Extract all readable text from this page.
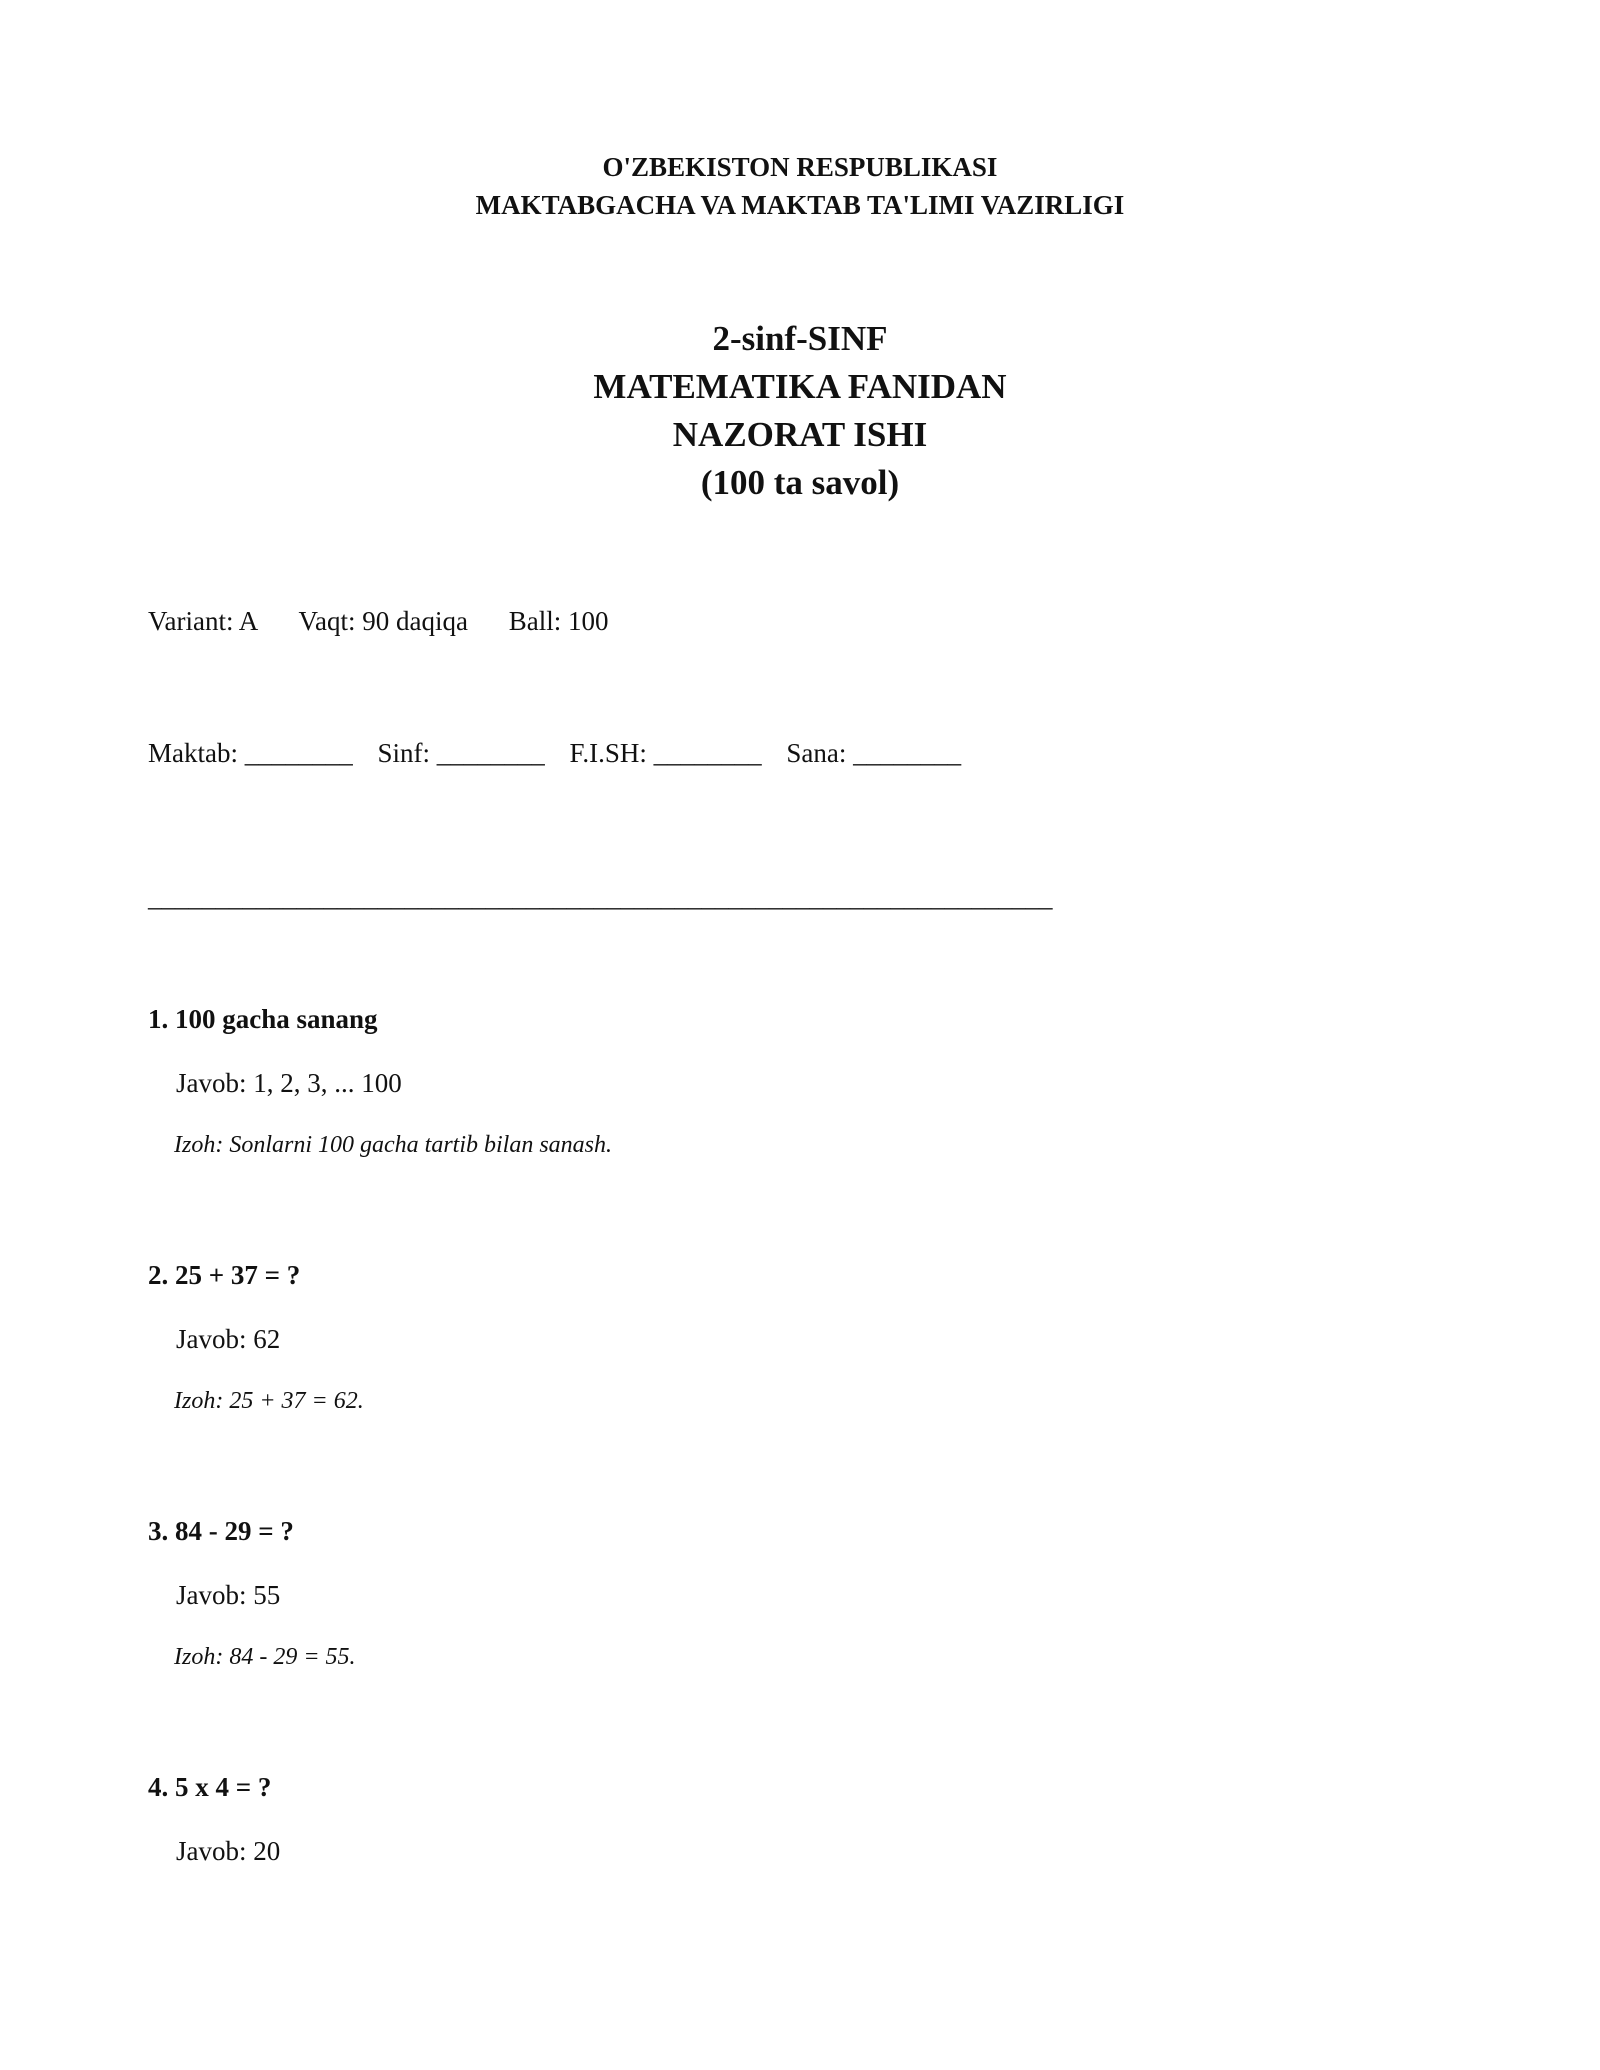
O'ZBEKISTON RESPUBLIKASI
MAKTABGACHA VA MAKTAB TA'LIMI VAZIRLIGI
2-sinf-SINF
MATEMATIKA FANIDAN
NAZORAT ISHI
(100 ta savol)
Variant: A Vaqt: 90 daqiqa Ball: 100
Maktab: ________ Sinf: ________ F.I.SH: ________ Sana: ________
___________________________________________________________________
1. 100 gacha sanang
Javob: 1, 2, 3, ... 100
Izoh: Sonlarni 100 gacha tartib bilan sanash.
2. 25 + 37 = ?
Javob: 62
Izoh: 25 + 37 = 62.
3. 84 - 29 = ?
Javob: 55
Izoh: 84 - 29 = 55.
4. 5 x 4 = ?
Javob: 20
